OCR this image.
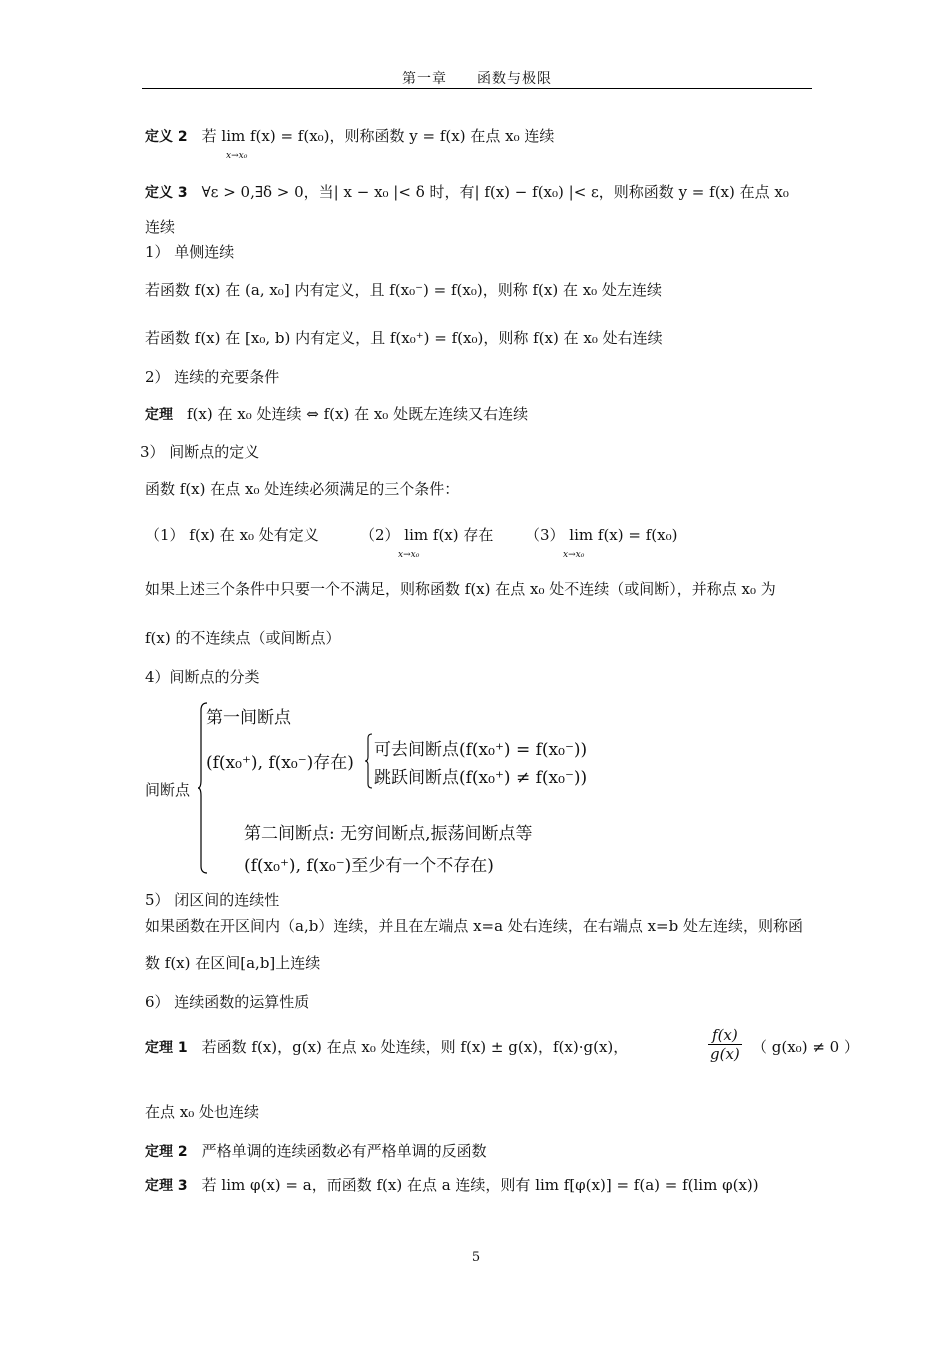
第一章 函数与极限
定义 2 若 lim f(x) = f(x₀)，则称函数 y = f(x) 在点 x₀ 连续
x→x₀
定义 3 ∀ε > 0,∃δ > 0，当| x − x₀ |< δ 时，有| f(x) − f(x₀) |< ε，则称函数 y = f(x) 在点 x₀
连续
1） 单侧连续
若函数 f(x) 在 (a, x₀] 内有定义，且 f(x₀⁻) = f(x₀)，则称 f(x) 在 x₀ 处左连续
若函数 f(x) 在 [x₀, b) 内有定义，且 f(x₀⁺) = f(x₀)，则称 f(x) 在 x₀ 处右连续
2） 连续的充要条件
定理 f(x) 在 x₀ 处连续 ⇔ f(x) 在 x₀ 处既左连续又右连续
3） 间断点的定义
函数 f(x) 在点 x₀ 处连续必须满足的三个条件：
（1） f(x) 在 x₀ 处有定义	（2） lim f(x) 存在
x→x₀
（3） lim f(x) = f(x₀)
x→x₀
如果上述三个条件中只要一个不满足，则称函数 f(x) 在点 x₀ 处不连续（或间断），并称点 x₀ 为
f(x) 的不连续点（或间断点）
4）间断点的分类
间断点
第一间断点
(f(x₀⁺), f(x₀⁻)存在)
可去间断点(f(x₀⁺) = f(x₀⁻))
跳跃间断点(f(x₀⁺) ≠ f(x₀⁻))
第二间断点: 无穷间断点,振荡间断点等
(f(x₀⁺), f(x₀⁻)至少有一个不存在)
5） 闭区间的连续性
如果函数在开区间内（a,b）连续，并且在左端点 x=a 处右连续，在右端点 x=b 处左连续，则称函
数 f(x) 在区间[a,b]上连续
6） 连续函数的运算性质
定理 1 若函数 f(x)，g(x) 在点 x₀ 处连续，则 f(x) ± g(x)，f(x)·g(x)，	$\frac{f(x)}{g(x)}$ （ g(x₀) ≠ 0 ）
在点 x₀ 处也连续
定理 2 严格单调的连续函数必有严格单调的反函数
定理 3 若 lim φ(x) = a，而函数 f(x) 在点 a 连续，则有 lim f[φ(x)] = f(a) = f(lim φ(x))
5
